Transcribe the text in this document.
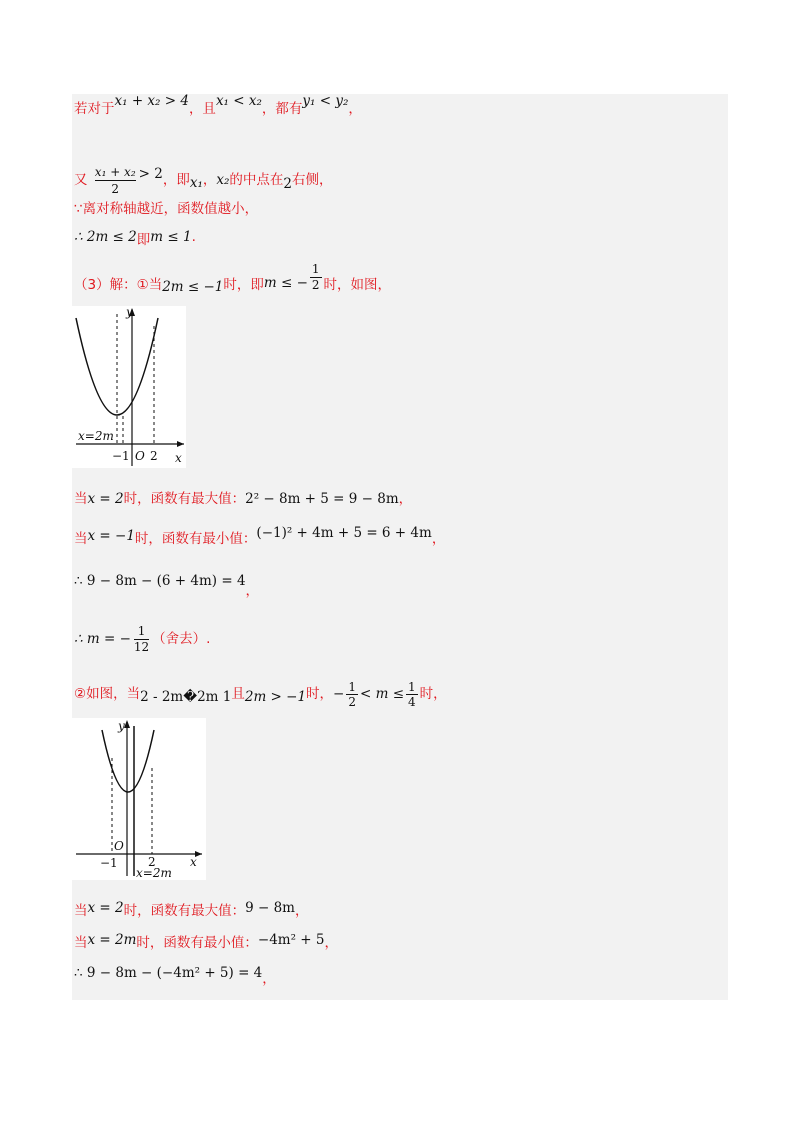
若对于x₁ + x₂ > 4，且x₁ < x₂，都有y₁ < y₂，
又 $\frac{\text{x₁ + x₂}}{2} > 2$，即x₁，x₂的中点在2右侧，
∵离对称轴越近，函数值越小，
∴ 2m ≤ 2即m ≤ 1.
（3）解：①当2m ≤ −1时，即m ≤ − $\frac{1}{2}$ 时，如图，
y
x
O
−1 2
x=2m
当x = 2时，函数有最大值：2² − 8m + 5 = 9 − 8m，
当x = −1时，函数有最小值：(−1)² + 4m + 5 = 6 + 4m，
∴ 9 − 8m − (6 + 4m) = 4，
∴ m = − $\frac{1}{12}$ （舍去）.
②如图，当2 - 2m�2m 1且2m > −1时，− $\frac{1}{2} < m \le \frac{1}{4}$ 时，
y
x
O
−1	2
x=2m
当x = 2时，函数有最大值：9 − 8m，
当x = 2m时，函数有最小值：−4m² + 5，
∴ 9 − 8m − (−4m² + 5) = 4，
